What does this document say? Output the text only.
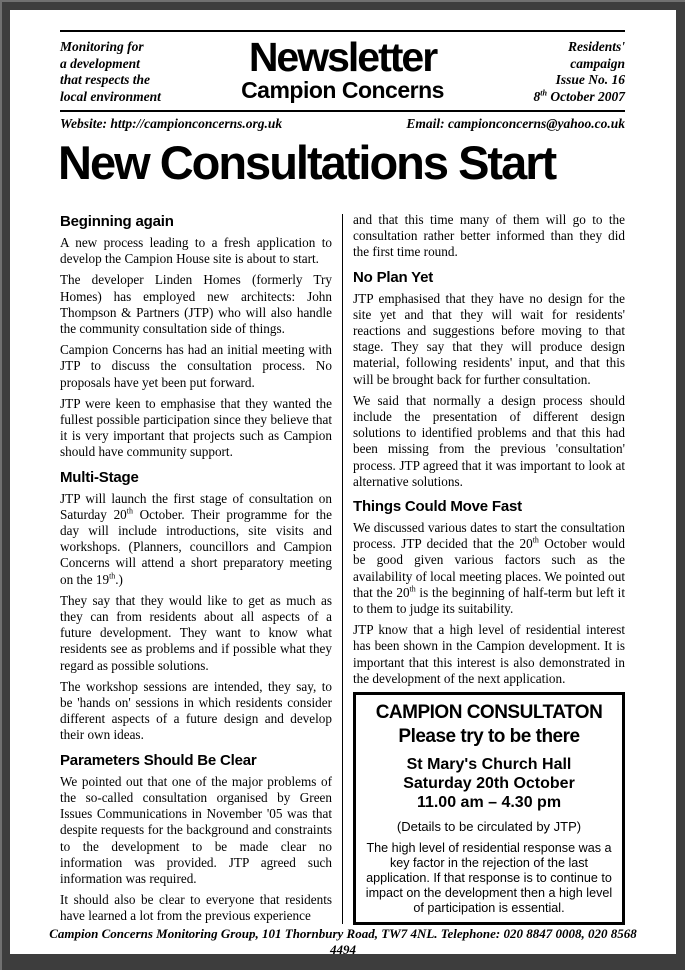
Monitoring for
a development
that respects the
local environment
Newsletter
Campion Concerns
Residents'
campaign
Issue No. 16
8th October 2007
Website: http://campionconcerns.org.uk	Email: campionconcerns@yahoo.co.uk
New Consultations Start
Beginning again

A new process leading to a fresh application to develop the Campion House site is about to start.

The developer Linden Homes (formerly Try Homes) has employed new architects: John Thompson & Partners (JTP) who will also handle the community consultation side of things.

Campion Concerns has had an initial meeting with JTP to discuss the consultation process. No proposals have yet been put forward.

JTP were keen to emphasise that they wanted the fullest possible participation since they believe that it is very important that projects such as Campion should have community support.

Multi-Stage

JTP will launch the first stage of consultation on Saturday 20th October. Their programme for the day will include introductions, site visits and workshops. (Planners, councillors and Campion Concerns will attend a short preparatory meeting on the 19th.)

They say that they would like to get as much as they can from residents about all aspects of a future development. They want to know what residents see as problems and if possible what they regard as possible solutions.

The workshop sessions are intended, they say, to be 'hands on' sessions in which residents consider different aspects of a future design and develop their own ideas.

Parameters Should Be Clear

We pointed out that one of the major problems of the so-called consultation organised by Green Issues Communications in November '05 was that despite requests for the background and constraints to the development to be made clear no information was provided. JTP agreed such information was required.

It should also be clear to everyone that residents have learned a lot from the previous experience

and that this time many of them will go to the consultation rather better informed than they did the first time round.

No Plan Yet

JTP emphasised that they have no design for the site yet and that they will wait for residents' reactions and suggestions before moving to that stage. They say that they will produce design material, following residents' input, and that this will be brought back for further consultation.

We said that normally a design process should include the presentation of different design solutions to identified problems and that this had been missing from the previous 'consultation' process. JTP agreed that it was important to look at alternative solutions.

Things Could Move Fast

We discussed various dates to start the consultation process. JTP decided that the 20th October would be good given various factors such as the availability of local meeting places. We pointed out that the 20th is the beginning of half-term but left it to them to judge its suitability.

JTP know that a high level of residential interest has been shown in the Campion development. It is important that this interest is also demonstrated in the development of the next application.

CAMPION CONSULTATON
Please try to be there
St Mary's Church Hall
Saturday 20th October
11.00 am – 4.30 pm
(Details to be circulated by JTP)
The high level of residential response was a key factor in the rejection of the last application. If that response is to continue to impact on the development then a high level of participation is essential.
Campion Concerns Monitoring Group, 101 Thornbury Road, TW7 4NL. Telephone: 020 8847 0008, 020 8568 4494
